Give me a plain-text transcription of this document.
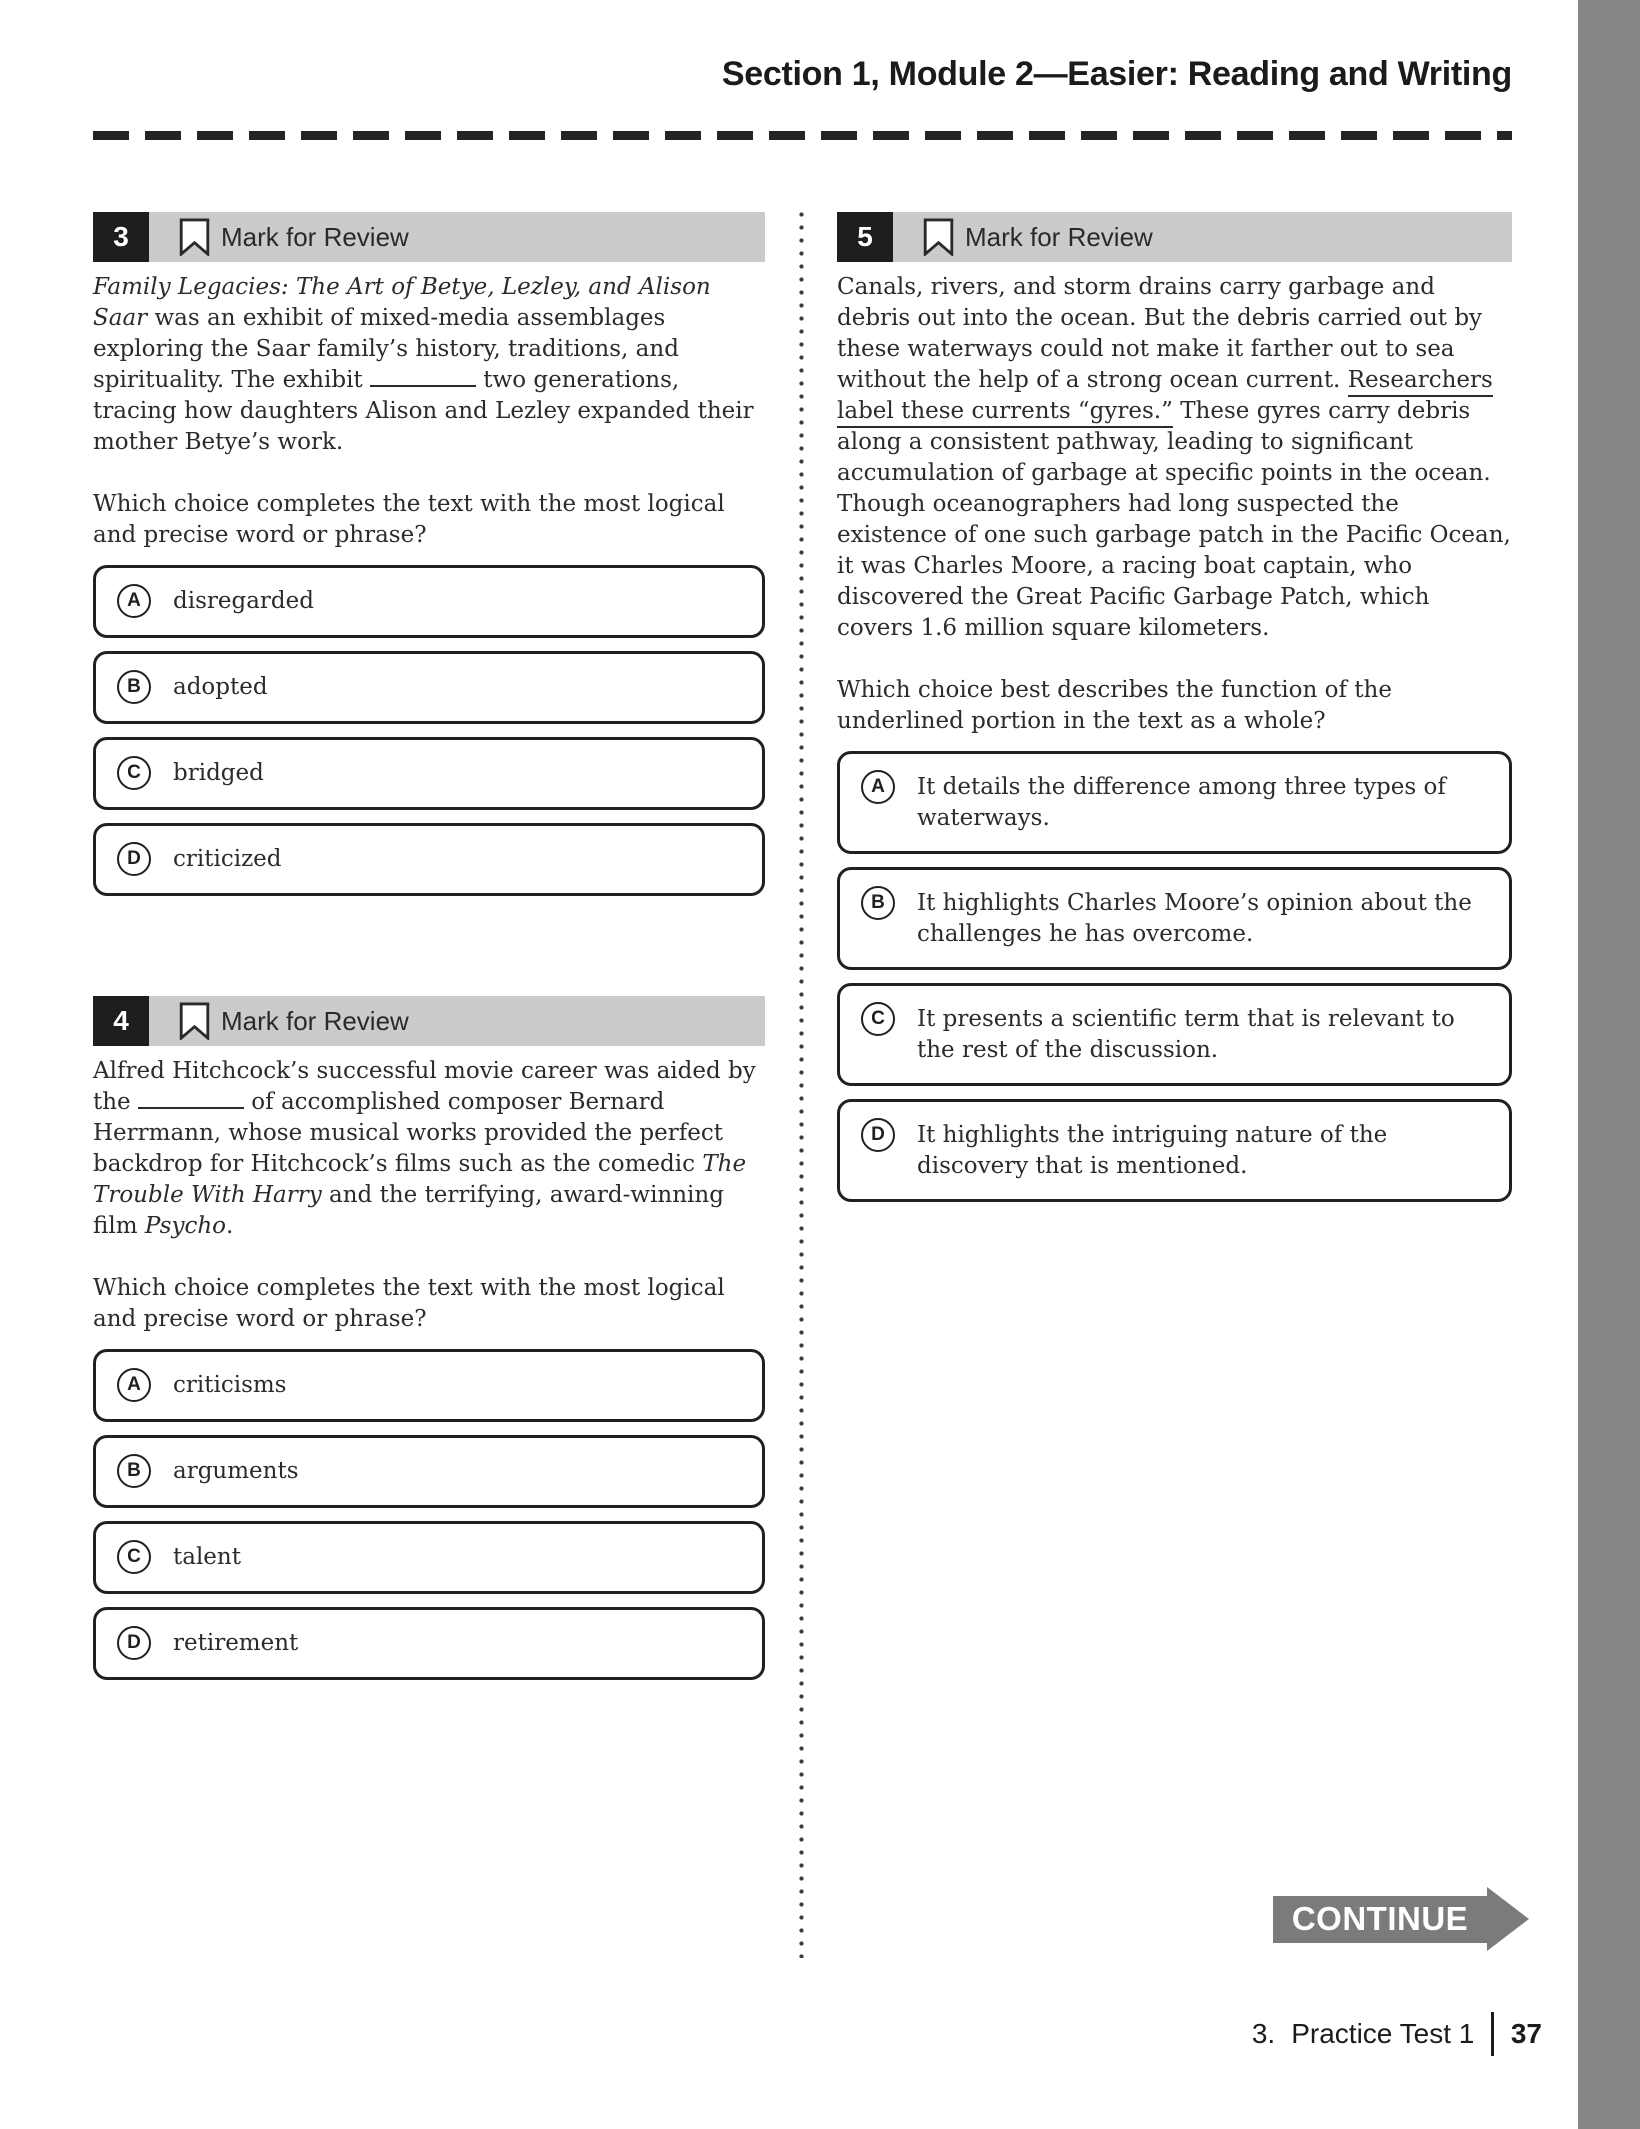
Section 1, Module 2—Easier: Reading and Writing
3	Mark for Review

Family Legacies: The Art of Betye, Lezley, and Alison Saar was an exhibit of mixed-media assemblages exploring the Saar family’s history, traditions, and spirituality. The exhibit	two generations, tracing how daughters Alison and Lezley expanded their mother Betye’s work.

Which choice completes the text with the most logical and precise word or phrase?

A	disregarded
B	adopted
C	bridged
D	criticized
4	Mark for Review

Alfred Hitchcock’s successful movie career was aided by the	of accomplished composer Bernard Herrmann, whose musical works provided the perfect backdrop for Hitchcock’s films such as the comedic The Trouble With Harry and the terrifying, award-winning film Psycho.

Which choice completes the text with the most logical and precise word or phrase?

A	criticisms
B	arguments
C	talent
D	retirement
5	Mark for Review

Canals, rivers, and storm drains carry garbage and debris out into the ocean. But the debris carried out by these waterways could not make it farther out to sea without the help of a strong ocean current. Researchers label these currents “gyres.” These gyres carry debris along a consistent pathway, leading to significant accumulation of garbage at specific points in the ocean. Though oceanographers had long suspected the existence of one such garbage patch in the Pacific Ocean, it was Charles Moore, a racing boat captain, who discovered the Great Pacific Garbage Patch, which covers 1.6 million square kilometers.

Which choice best describes the function of the underlined portion in the text as a whole?

A	It details the difference among three types of waterways.
B	It highlights Charles Moore’s opinion about the challenges he has overcome.
C	It presents a scientific term that is relevant to the rest of the discussion.
D	It highlights the intriguing nature of the discovery that is mentioned.
CONTINUE
3. Practice Test 1 37
